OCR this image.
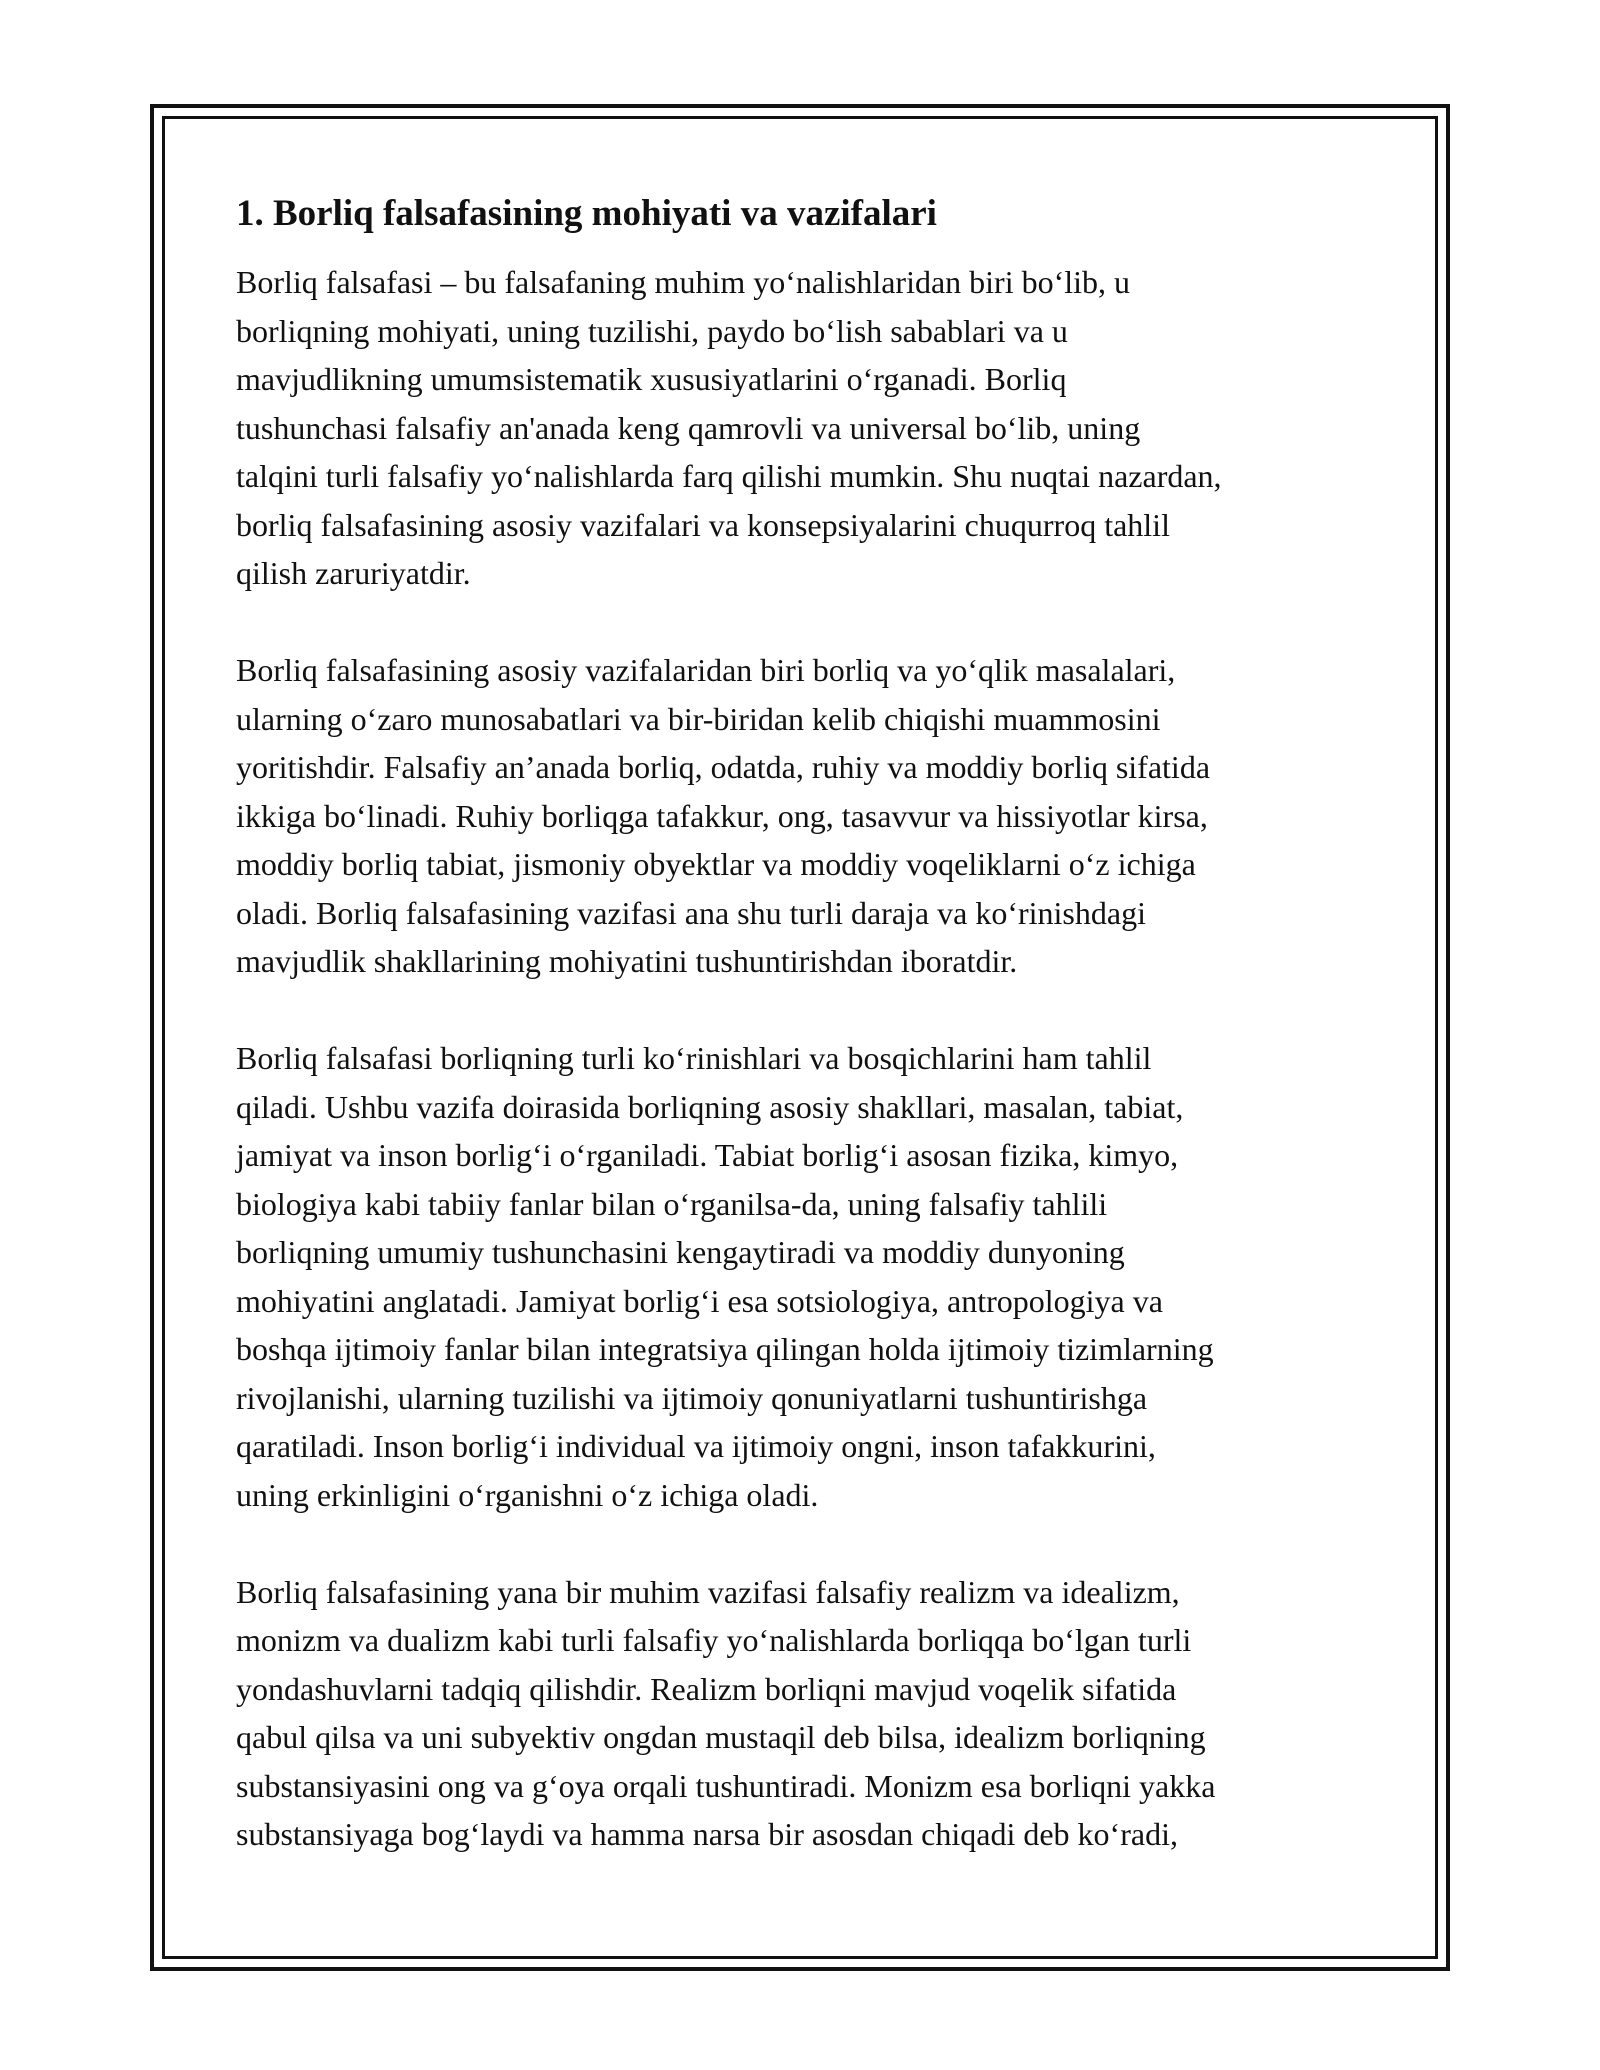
1. Borliq falsafasining mohiyati va vazifalari

Borliq falsafasi – bu falsafaning muhim yoʻnalishlaridan biri boʻlib, u
borliqning mohiyati, uning tuzilishi, paydo boʻlish sabablari va u
mavjudlikning umumsistematik xususiyatlarini oʻrganadi. Borliq
tushunchasi falsafiy an'anada keng qamrovli va universal boʻlib, uning
talqini turli falsafiy yoʻnalishlarda farq qilishi mumkin. Shu nuqtai nazardan,
borliq falsafasining asosiy vazifalari va konsepsiyalarini chuqurroq tahlil
qilish zaruriyatdir.

Borliq falsafasining asosiy vazifalaridan biri borliq va yoʻqlik masalalari,
ularning oʻzaro munosabatlari va bir-biridan kelib chiqishi muammosini
yoritishdir. Falsafiy an’anada borliq, odatda, ruhiy va moddiy borliq sifatida
ikkiga boʻlinadi. Ruhiy borliqga tafakkur, ong, tasavvur va hissiyotlar kirsa,
moddiy borliq tabiat, jismoniy obyektlar va moddiy voqeliklarni oʻz ichiga
oladi. Borliq falsafasining vazifasi ana shu turli daraja va koʻrinishdagi
mavjudlik shakllarining mohiyatini tushuntirishdan iboratdir.

Borliq falsafasi borliqning turli koʻrinishlari va bosqichlarini ham tahlil
qiladi. Ushbu vazifa doirasida borliqning asosiy shakllari, masalan, tabiat,
jamiyat va inson borligʻi oʻrganiladi. Tabiat borligʻi asosan fizika, kimyo,
biologiya kabi tabiiy fanlar bilan oʻrganilsa-da, uning falsafiy tahlili
borliqning umumiy tushunchasini kengaytiradi va moddiy dunyoning
mohiyatini anglatadi. Jamiyat borligʻi esa sotsiologiya, antropologiya va
boshqa ijtimoiy fanlar bilan integratsiya qilingan holda ijtimoiy tizimlarning
rivojlanishi, ularning tuzilishi va ijtimoiy qonuniyatlarni tushuntirishga
qaratiladi. Inson borligʻi individual va ijtimoiy ongni, inson tafakkurini,
uning erkinligini oʻrganishni oʻz ichiga oladi.

Borliq falsafasining yana bir muhim vazifasi falsafiy realizm va idealizm,
monizm va dualizm kabi turli falsafiy yoʻnalishlarda borliqqa boʻlgan turli
yondashuvlarni tadqiq qilishdir. Realizm borliqni mavjud voqelik sifatida
qabul qilsa va uni subyektiv ongdan mustaqil deb bilsa, idealizm borliqning
substansiyasini ong va gʻoya orqali tushuntiradi. Monizm esa borliqni yakka
substansiyaga bogʻlaydi va hamma narsa bir asosdan chiqadi deb koʻradi,
